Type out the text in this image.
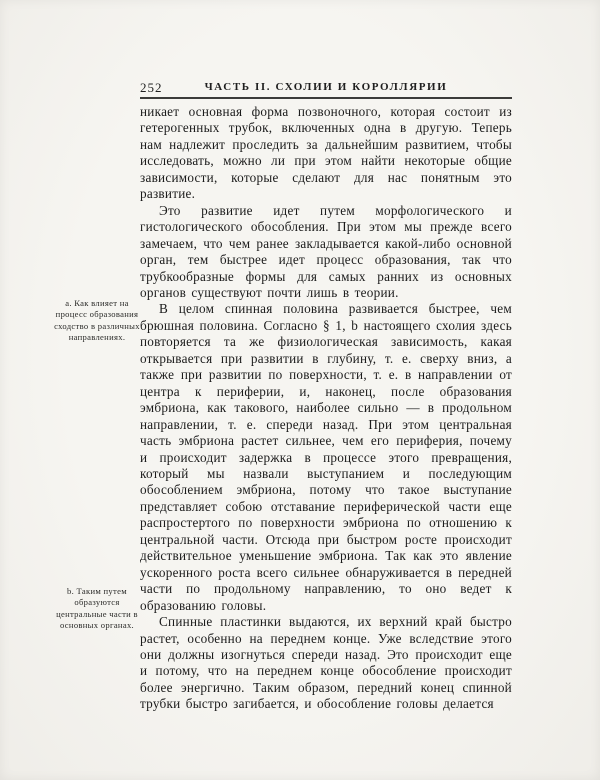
252	ЧАСТЬ II. СХОЛИИ И КОРОЛЛЯРИИ
а. Как влияет на процесс образования сходство в различных направлениях.
b. Таким путем образуются центральные части в основных органах.

никает основная форма позвоночного, которая состоит из гетерогенных трубок, включенных одна в другую. Теперь нам надлежит проследить за дальнейшим развитием, чтобы исследовать, можно ли при этом найти некоторые общие зависимости, которые сделают для нас понятным это развитие.

Это развитие идет путем морфологического и гистологического обособления. При этом мы прежде всего замечаем, что чем ранее закладывается какой-либо основной орган, тем быстрее идет процесс образования, так что трубкообразные формы для самых ранних из основных органов существуют почти лишь в теории.

В целом спинная половина развивается быстрее, чем брюшная половина. Согласно § 1, b настоящего схолия здесь повторяется та же физиологическая зависимость, какая открывается при развитии в глубину, т. е. сверху вниз, а также при развитии по поверхности, т. е. в направлении от центра к периферии, и, наконец, после образования эмбриона, как такового, наиболее сильно — в продольном направлении, т. е. спереди назад. При этом центральная часть эмбриона растет сильнее, чем его периферия, почему и происходит задержка в процессе этого превращения, который мы назвали выступанием и последующим обособлением эмбриона, потому что такое выступание представляет собою отставание периферической части еще распростертого по поверхности эмбриона по отношению к центральной части. Отсюда при быстром росте происходит действительное уменьшение эмбриона. Так как это явление ускоренного роста всего сильнее обнаруживается в передней части по продольному направлению, то оно ведет к образованию головы.

Спинные пластинки выдаются, их верхний край быстро растет, особенно на переднем конце. Уже вследствие этого они должны изогнуться спереди назад. Это происходит еще и потому, что на переднем конце обособление происходит более энергично. Таким образом, передний конец спинной трубки быстро загибается, и обособление головы делается
